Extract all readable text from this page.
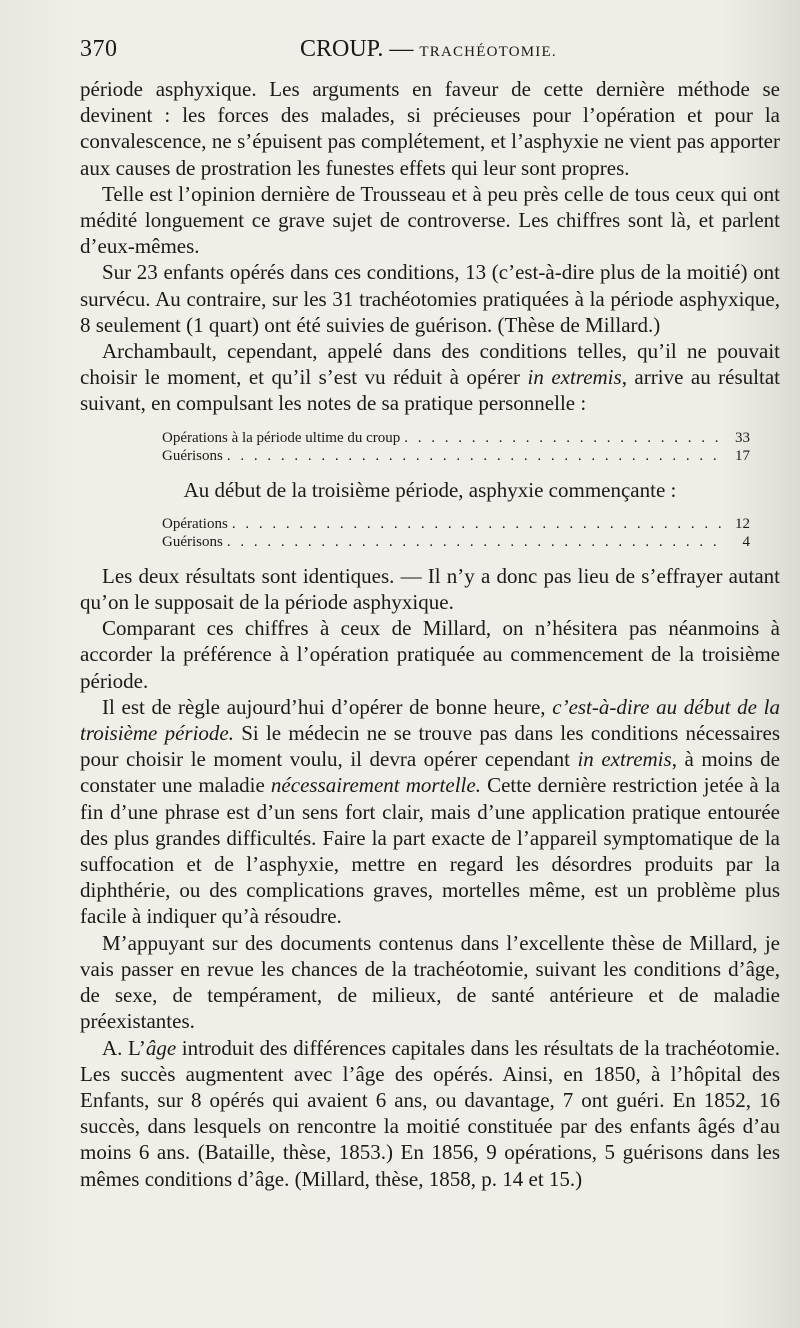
370	CROUP. — TRACHÉOTOMIE.

période asphyxique. Les arguments en faveur de cette dernière méthode se devinent : les forces des malades, si précieuses pour l’opération et pour la convalescence, ne s’épuisent pas complétement, et l’asphyxie ne vient pas apporter aux causes de prostration les funestes effets qui leur sont propres.

Telle est l’opinion dernière de Trousseau et à peu près celle de tous ceux qui ont médité longuement ce grave sujet de controverse. Les chiffres sont là, et parlent d’eux-mêmes.

Sur 23 enfants opérés dans ces conditions, 13 (c’est-à-dire plus de la moitié) ont survécu. Au contraire, sur les 31 trachéotomies pratiquées à la période asphyxique, 8 seulement (1 quart) ont été suivies de guérison. (Thèse de Millard.)

Archambault, cependant, appelé dans des conditions telles, qu’il ne pouvait choisir le moment, et qu’il s’est vu réduit à opérer in extremis, arrive au résultat suivant, en compulsant les notes de sa pratique personnelle :

Opérations à la période ultime du croup . . .	33
Guérisons . . .	17

Au début de la troisième période, asphyxie commençante :

Opérations . . .	12
Guérisons . . .	4

Les deux résultats sont identiques. — Il n’y a donc pas lieu de s’effrayer autant qu’on le supposait de la période asphyxique.

Comparant ces chiffres à ceux de Millard, on n’hésitera pas néanmoins à accorder la préférence à l’opération pratiquée au commencement de la troisième période.

Il est de règle aujourd’hui d’opérer de bonne heure, c’est-à-dire au début de la troisième période. Si le médecin ne se trouve pas dans les conditions nécessaires pour choisir le moment voulu, il devra opérer cependant in extremis, à moins de constater une maladie nécessairement mortelle. Cette dernière restriction jetée à la fin d’une phrase est d’un sens fort clair, mais d’une application pratique entourée des plus grandes difficultés. Faire la part exacte de l’appareil symptomatique de la suffocation et de l’asphyxie, mettre en regard les désordres produits par la diphthérie, ou des complications graves, mortelles même, est un problème plus facile à indiquer qu’à résoudre.

M’appuyant sur des documents contenus dans l’excellente thèse de Millard, je vais passer en revue les chances de la trachéotomie, suivant les conditions d’âge, de sexe, de tempérament, de milieux, de santé antérieure et de maladie préexistantes.

A. L’âge introduit des différences capitales dans les résultats de la trachéotomie. Les succès augmentent avec l’âge des opérés. Ainsi, en 1850, à l’hôpital des Enfants, sur 8 opérés qui avaient 6 ans, ou davantage, 7 ont guéri. En 1852, 16 succès, dans lesquels on rencontre la moitié constituée par des enfants âgés d’au moins 6 ans. (Bataille, thèse, 1853.) En 1856, 9 opérations, 5 guérisons dans les mêmes conditions d’âge. (Millard, thèse, 1858, p. 14 et 15.)
